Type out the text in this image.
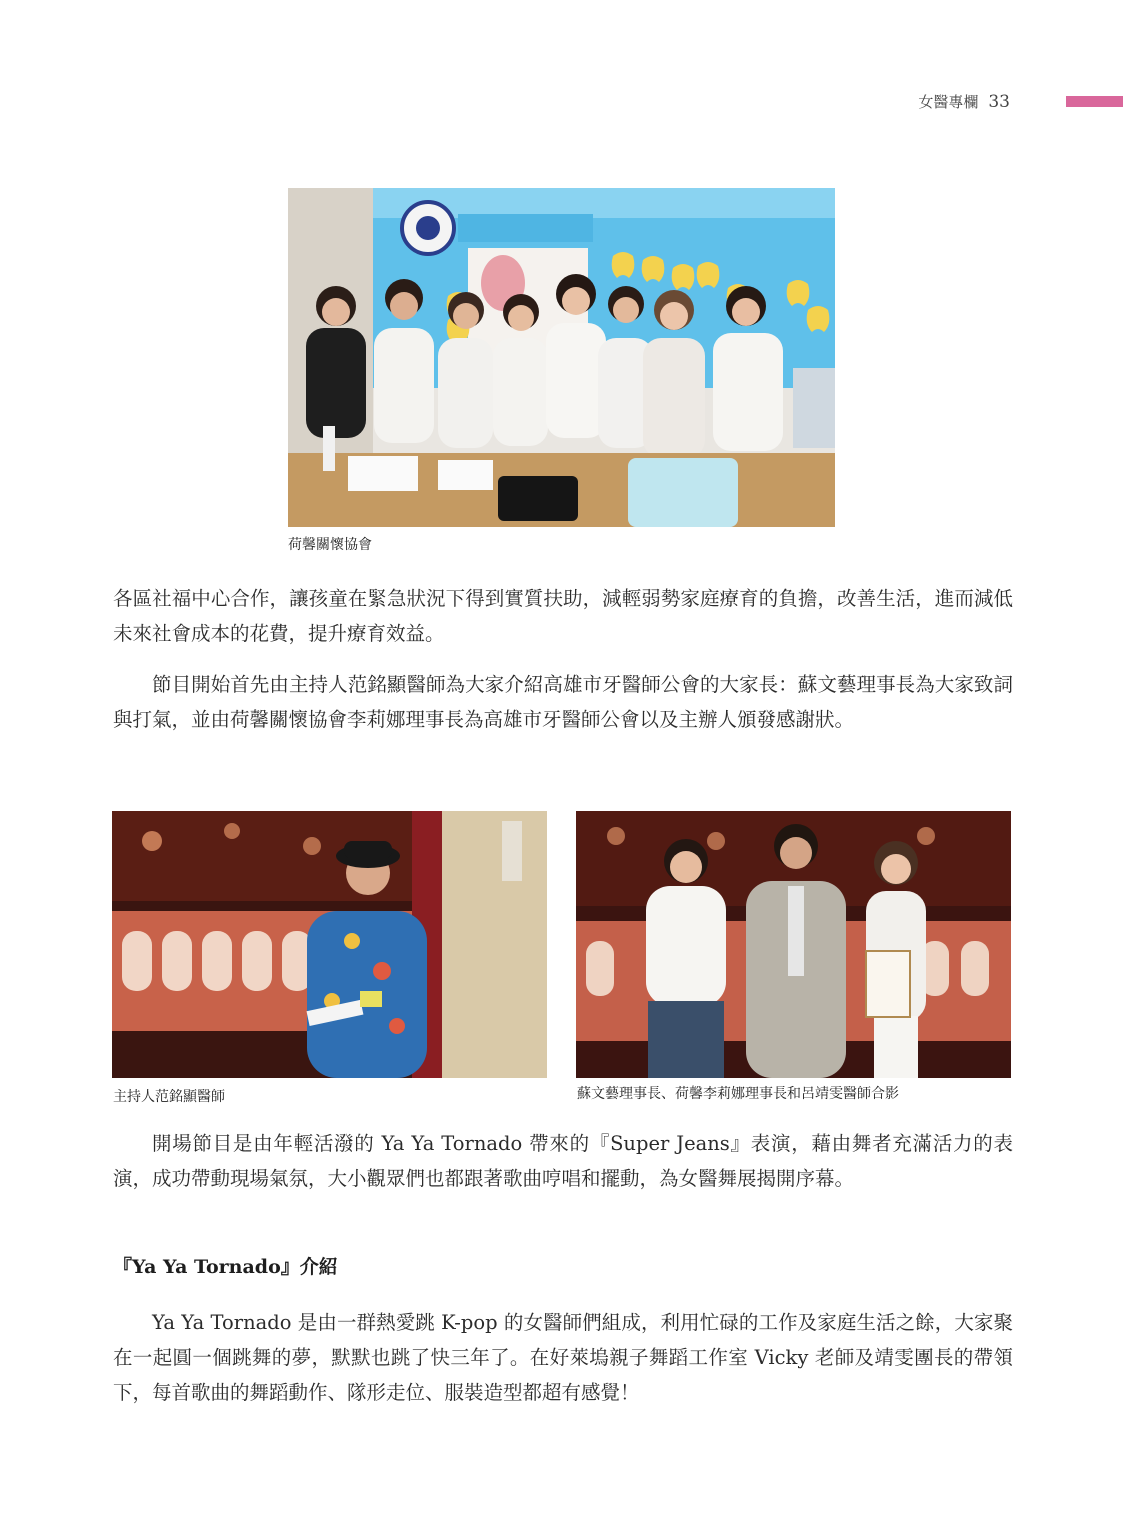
女醫專欄 33
荷馨關懷協會

各區社福中心合作，讓孩童在緊急狀況下得到實質扶助，減輕弱勢家庭療育的負擔，改善生活，進而減低未來社會成本的花費，提升療育效益。

節目開始首先由主持人范銘顯醫師為大家介紹高雄市牙醫師公會的大家長：蘇文藝理事長為大家致詞與打氣，並由荷馨關懷協會李莉娜理事長為高雄市牙醫師公會以及主辦人頒發感謝狀。

主持人范銘顯醫師	蘇文藝理事長、荷馨李莉娜理事長和呂靖雯醫師合影

開場節目是由年輕活潑的 Ya Ya Tornado 帶來的『Super Jeans』表演，藉由舞者充滿活力的表演，成功帶動現場氣氛，大小觀眾們也都跟著歌曲哼唱和擺動，為女醫舞展揭開序幕。

『Ya Ya Tornado』介紹

Ya Ya Tornado 是由一群熱愛跳 K-pop 的女醫師們組成，利用忙碌的工作及家庭生活之餘，大家聚在一起圓一個跳舞的夢，默默也跳了快三年了。在好萊塢親子舞蹈工作室 Vicky 老師及靖雯團長的帶領下，每首歌曲的舞蹈動作、隊形走位、服裝造型都超有感覺！
